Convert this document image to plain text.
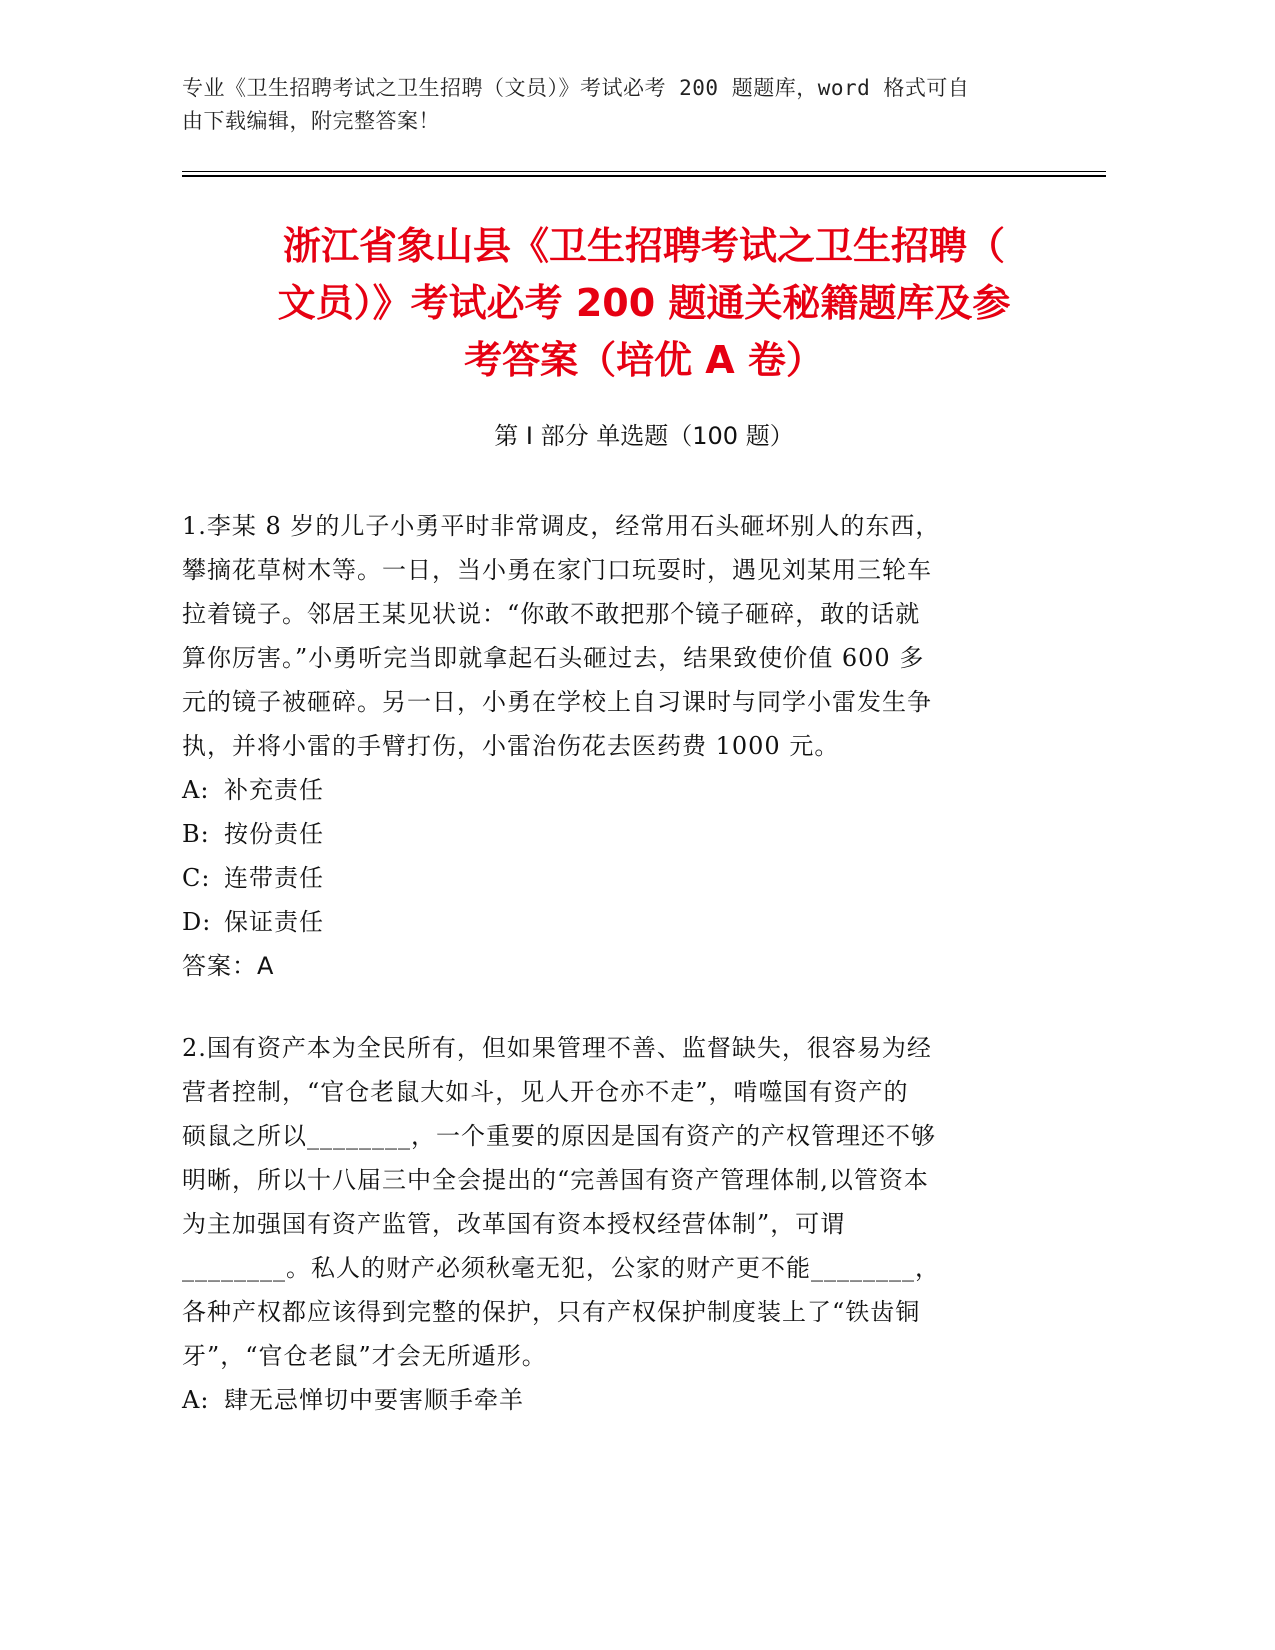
专业《卫生招聘考试之卫生招聘（文员）》考试必考 200 题题库，word 格式可自
由下载编辑，附完整答案！
浙江省象山县《卫生招聘考试之卫生招聘（
文员）》考试必考 200 题通关秘籍题库及参
考答案（培优 A 卷）
第 I 部分 单选题（100 题）

1.李某 8 岁的儿子小勇平时非常调皮，经常用石头砸坏别人的东西，

攀摘花草树木等。一日，当小勇在家门口玩耍时，遇见刘某用三轮车

拉着镜子。邻居王某见状说：“你敢不敢把那个镜子砸碎，敢的话就

算你厉害。”小勇听完当即就拿起石头砸过去，结果致使价值 600 多

元的镜子被砸碎。另一日，小勇在学校上自习课时与同学小雷发生争

执，并将小雷的手臂打伤，小雷治伤花去医药费 1000 元。

A: 补充责任

B: 按份责任

C: 连带责任

D: 保证责任

答案：A

2.国有资产本为全民所有，但如果管理不善、监督缺失，很容易为经

营者控制，“官仓老鼠大如斗，见人开仓亦不走”，啃噬国有资产的

硕鼠之所以________，一个重要的原因是国有资产的产权管理还不够

明晰，所以十八届三中全会提出的“完善国有资产管理体制,以管资本

为主加强国有资产监管，改革国有资本授权经营体制”，可谓

________。私人的财产必须秋毫无犯，公家的财产更不能________，

各种产权都应该得到完整的保护，只有产权保护制度装上了“铁齿铜

牙”，“官仓老鼠”才会无所遁形。

A: 肆无忌惮切中要害顺手牵羊
